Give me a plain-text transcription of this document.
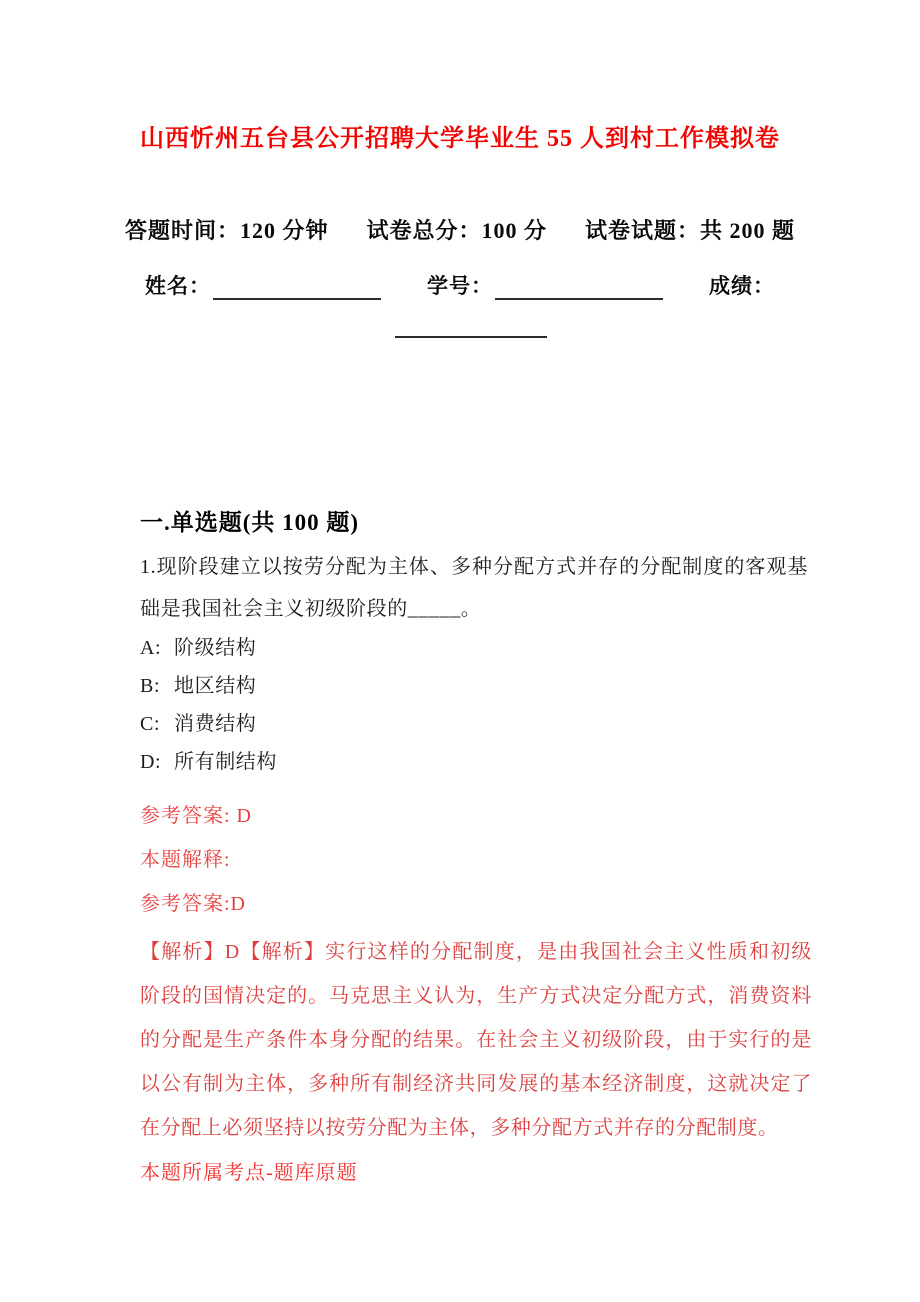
山西忻州五台县公开招聘大学毕业生 55 人到村工作模拟卷
答题时间：120 分钟 试卷总分：100 分 试卷试题：共 200 题
姓名：	学号：	成绩：
一.单选题(共 100 题)
1.现阶段建立以按劳分配为主体、多种分配方式并存的分配制度的客观基础是我国社会主义初级阶段的_____。
A: 阶级结构
B: 地区结构
C: 消费结构
D: 所有制结构
参考答案: D
本题解释:
参考答案:D
【解析】D【解析】实行这样的分配制度，是由我国社会主义性质和初级阶段的国情决定的。马克思主义认为，生产方式决定分配方式，消费资料的分配是生产条件本身分配的结果。在社会主义初级阶段，由于实行的是以公有制为主体，多种所有制经济共同发展的基本经济制度，这就决定了在分配上必须坚持以按劳分配为主体，多种分配方式并存的分配制度。
本题所属考点-题库原题
